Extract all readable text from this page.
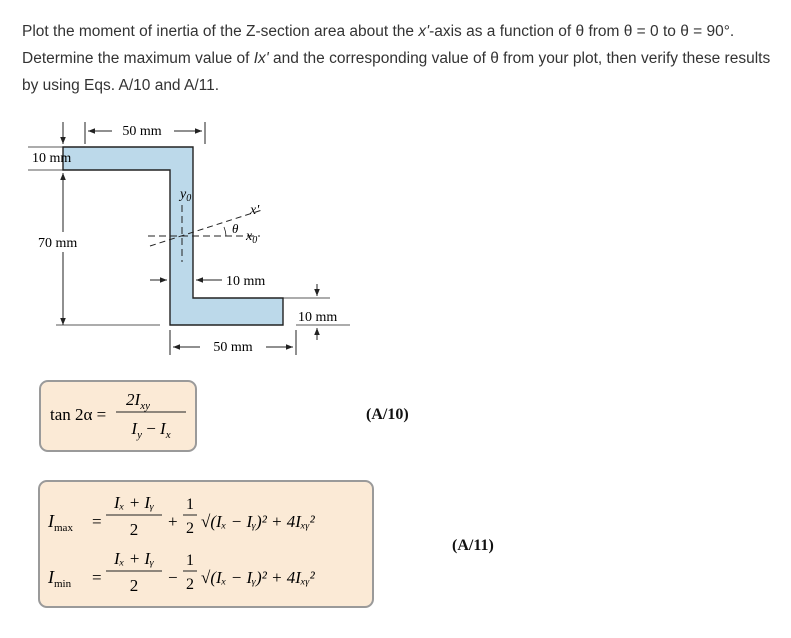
Plot the moment of inertia of the Z-section area about the x'-axis as a function of θ from θ = 0 to θ = 90°. Determine the maximum value of Ix' and the corresponding value of θ from your plot, then verify these results by using Eqs. A/10 and A/11.
50 mm
10 mm
70 mm
10 mm
10 mm
50 mm
$y_0$
x'
θ
$x_0$
tan 2α =
$2I_{xy}$
$I_y - I_x$
(A/10)
$I_{max}$ =
Iₓ + Iᵧ
2 +
1
2 √(Iₓ − Iᵧ)² + 4Iₓᵧ²
$I_{min}$ =
Iₓ + Iᵧ
2 −
1
2 √(Iₓ − Iᵧ)² + 4Iₓᵧ²
(A/11)
